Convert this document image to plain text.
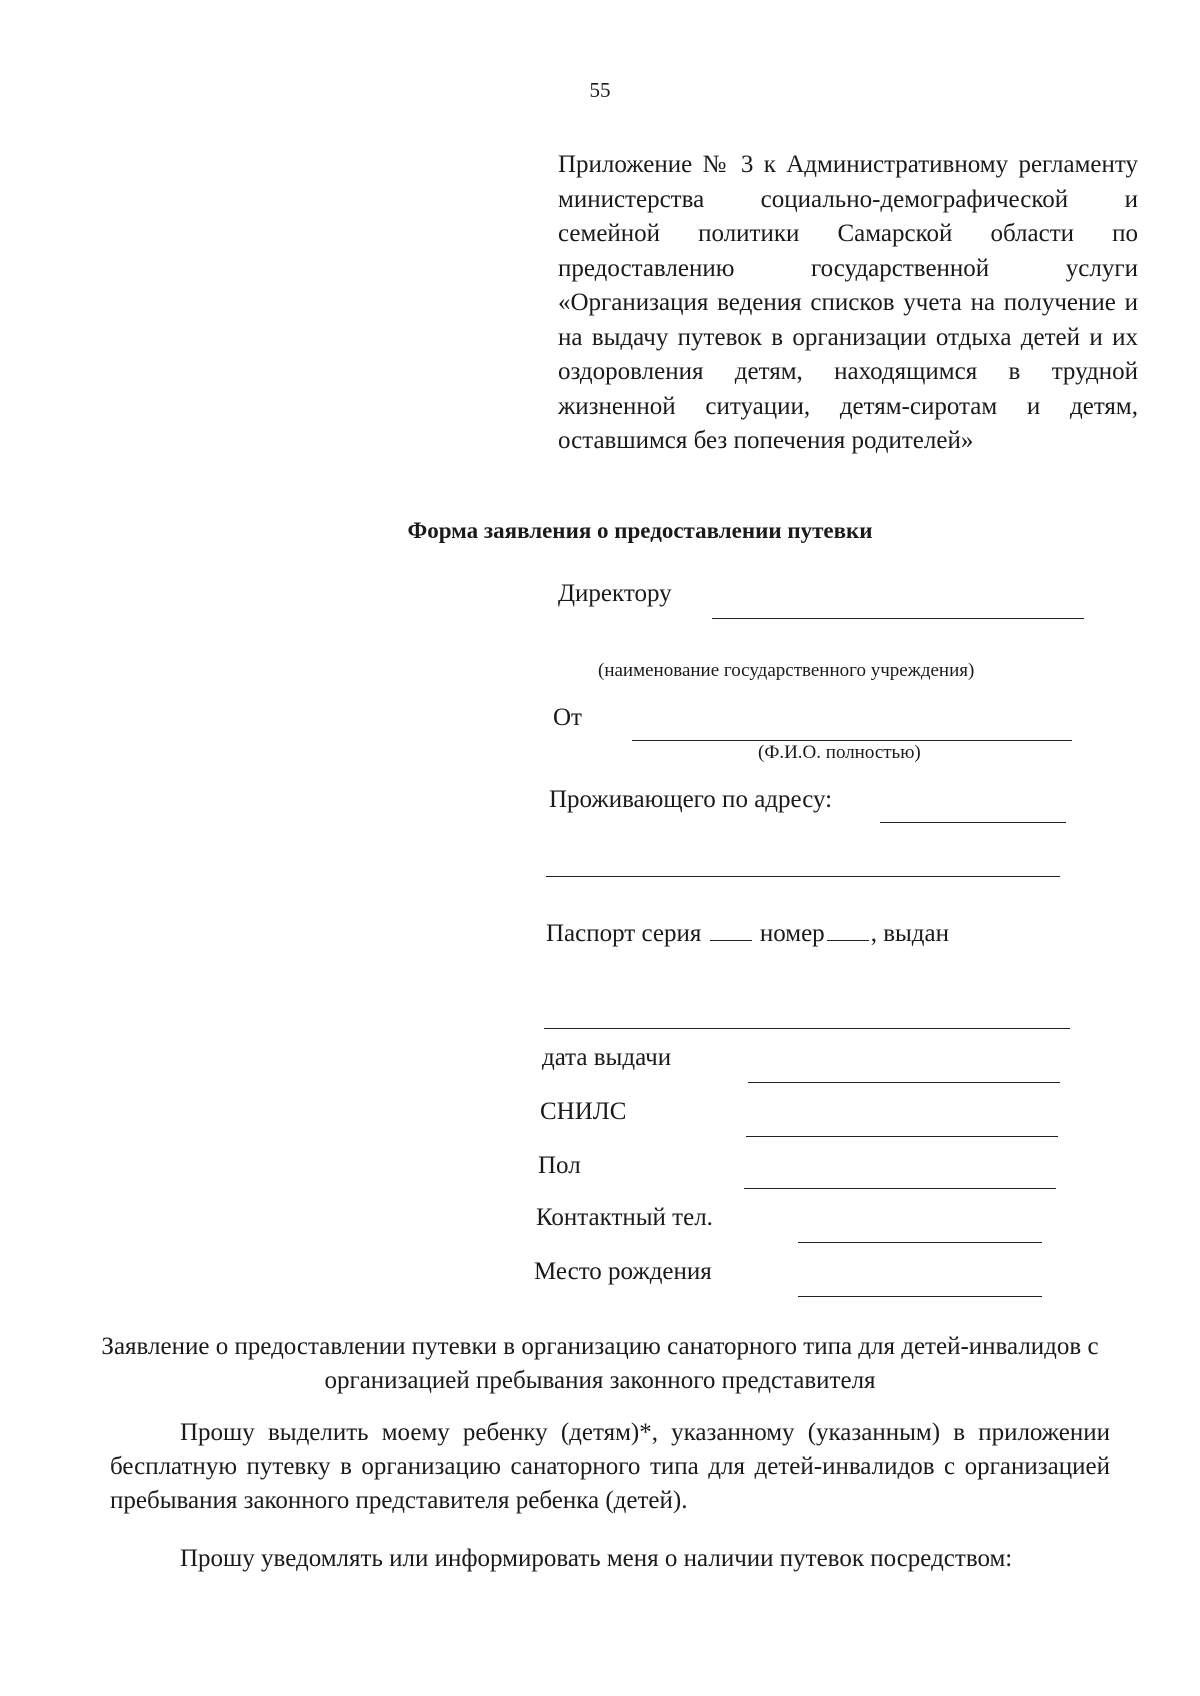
55
Приложение № 3 к Административному регламенту министерства социально-демографической и семейной политики Самарской области по предоставлению государственной услуги «Организация ведения списков учета на получение и на выдачу путевок в организации отдыха детей и их оздоровления детям, находящимся в трудной жизненной ситуации, детям-сиротам и детям, оставшимся без попечения родителей»
Форма заявления о предоставлении путевки
Директору
(наименование государственного учреждения)
От
(Ф.И.О. полностью)
Проживающего по адресу:
Паспорт серия номер , выдан
дата выдачи
СНИЛС
Пол
Контактный тел.
Место рождения
Заявление о предоставлении путевки в организацию санаторного типа для детей-инвалидов с организацией пребывания законного представителя
Прошу выделить моему ребенку (детям)*, указанному (указанным) в приложении бесплатную путевку в организацию санаторного типа для детей-инвалидов с организацией пребывания законного представителя ребенка (детей).
Прошу уведомлять или информировать меня о наличии путевок посредством:
